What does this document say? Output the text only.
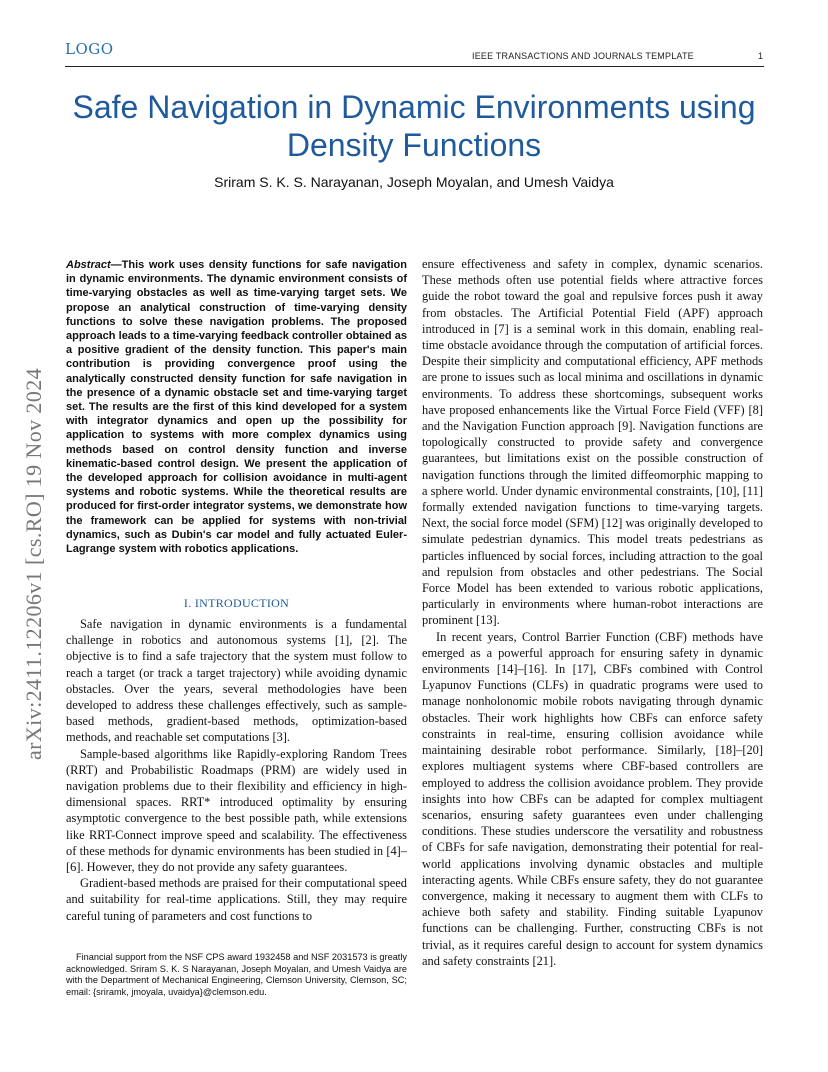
LOGO	IEEE TRANSACTIONS AND JOURNALS TEMPLATE	1
Safe Navigation in Dynamic Environments using Density Functions
Sriram S. K. S. Narayanan, Joseph Moyalan, and Umesh Vaidya
arXiv:2411.12206v1 [cs.RO] 19 Nov 2024
Abstract—This work uses density functions for safe navigation in dynamic environments. The dynamic environment consists of time-varying obstacles as well as time-varying target sets. We propose an analytical construction of time-varying density functions to solve these navigation problems. The proposed approach leads to a time-varying feedback controller obtained as a positive gradient of the density function. This paper's main contribution is providing convergence proof using the analytically constructed density function for safe navigation in the presence of a dynamic obstacle set and time-varying target set. The results are the first of this kind developed for a system with integrator dynamics and open up the possibility for application to systems with more complex dynamics using methods based on control density function and inverse kinematic-based control design. We present the application of the developed approach for collision avoidance in multi-agent systems and robotic systems. While the theoretical results are produced for first-order integrator systems, we demonstrate how the framework can be applied for systems with non-trivial dynamics, such as Dubin's car model and fully actuated Euler-Lagrange system with robotics applications.
I. INTRODUCTION

Safe navigation in dynamic environments is a fundamental challenge in robotics and autonomous systems [1], [2]. The objective is to find a safe trajectory that the system must follow to reach a target (or track a target trajectory) while avoiding dynamic obstacles. Over the years, several methodologies have been developed to address these challenges effectively, such as sample-based methods, gradient-based methods, optimization-based methods, and reachable set computations [3].

Sample-based algorithms like Rapidly-exploring Random Trees (RRT) and Probabilistic Roadmaps (PRM) are widely used in navigation problems due to their flexibility and efficiency in high-dimensional spaces. RRT* introduced optimality by ensuring asymptotic convergence to the best possible path, while extensions like RRT-Connect improve speed and scalability. The effectiveness of these methods for dynamic environments has been studied in [4]–[6]. However, they do not provide any safety guarantees.

Gradient-based methods are praised for their computational speed and suitability for real-time applications. Still, they may require careful tuning of parameters and cost functions to

ensure effectiveness and safety in complex, dynamic scenarios. These methods often use potential fields where attractive forces guide the robot toward the goal and repulsive forces push it away from obstacles. The Artificial Potential Field (APF) approach introduced in [7] is a seminal work in this domain, enabling real-time obstacle avoidance through the computation of artificial forces. Despite their simplicity and computational efficiency, APF methods are prone to issues such as local minima and oscillations in dynamic environments. To address these shortcomings, subsequent works have proposed enhancements like the Virtual Force Field (VFF) [8] and the Navigation Function approach [9]. Navigation functions are topologically constructed to provide safety and convergence guarantees, but limitations exist on the possible construction of navigation functions through the limited diffeomorphic mapping to a sphere world. Under dynamic environmental constraints, [10], [11] formally extended navigation functions to time-varying targets. Next, the social force model (SFM) [12] was originally developed to simulate pedestrian dynamics. This model treats pedestrians as particles influenced by social forces, including attraction to the goal and repulsion from obstacles and other pedestrians. The Social Force Model has been extended to various robotic applications, particularly in environments where human-robot interactions are prominent [13].

In recent years, Control Barrier Function (CBF) methods have emerged as a powerful approach for ensuring safety in dynamic environments [14]–[16]. In [17], CBFs combined with Control Lyapunov Functions (CLFs) in quadratic programs were used to manage nonholonomic mobile robots navigating through dynamic obstacles. Their work highlights how CBFs can enforce safety constraints in real-time, ensuring collision avoidance while maintaining desirable robot performance. Similarly, [18]–[20] explores multiagent systems where CBF-based controllers are employed to address the collision avoidance problem. They provide insights into how CBFs can be adapted for complex multiagent scenarios, ensuring safety guarantees even under challenging conditions. These studies underscore the versatility and robustness of CBFs for safe navigation, demonstrating their potential for real-world applications involving dynamic obstacles and multiple interacting agents. While CBFs ensure safety, they do not guarantee convergence, making it necessary to augment them with CLFs to achieve both safety and stability. Finding suitable Lyapunov functions can be challenging. Further, constructing CBFs is not trivial, as it requires careful design to account for system dynamics and safety constraints [21].

Financial support from the NSF CPS award 1932458 and NSF 2031573 is greatly acknowledged. Sriram S. K. S Narayanan, Joseph Moyalan, and Umesh Vaidya are with the Department of Mechanical Engineering, Clemson University, Clemson, SC; email: {sriramk, jmoyala, uvaidya}@clemson.edu.
